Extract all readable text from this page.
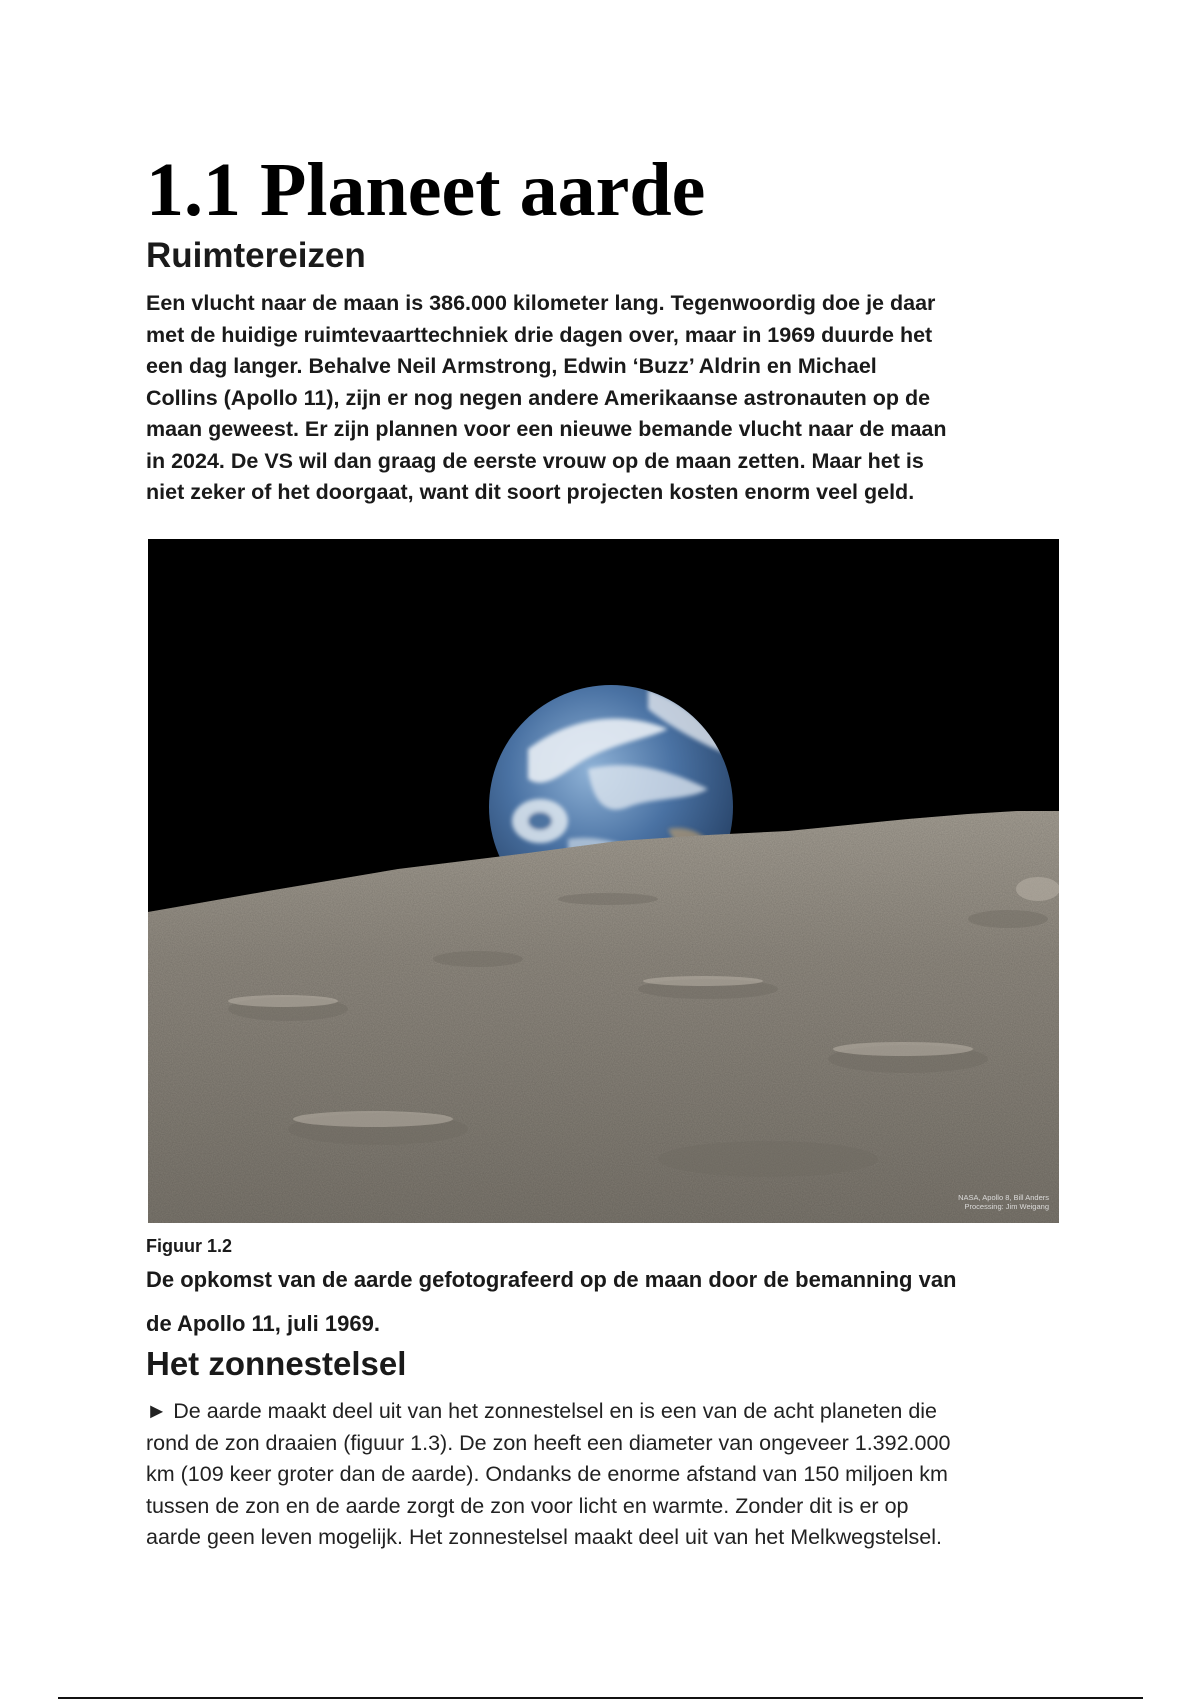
1.1 Planeet aarde
Ruimtereizen

Een vlucht naar de maan is 386.000 kilometer lang. Tegenwoordig doe je daar
met de huidige ruimtevaarttechniek drie dagen over, maar in 1969 duurde het
een dag langer. Behalve Neil Armstrong, Edwin ‘Buzz’ Aldrin en Michael
Collins (Apollo 11), zijn er nog negen andere Amerikaanse astronauten op de
maan geweest. Er zijn plannen voor een nieuwe bemande vlucht naar de maan
in 2024. De VS wil dan graag de eerste vrouw op de maan zetten. Maar het is
niet zeker of het doorgaat, want dit soort projecten kosten enorm veel geld.

NASA, Apollo 8, Bill Anders
Processing: Jim Weigang

Figuur 1.2

De opkomst van de aarde gefotografeerd op de maan door de bemanning van
de Apollo 11, juli 1969.

Het zonnestelsel

► De aarde maakt deel uit van het zonnestelsel en is een van de acht planeten die
rond de zon draaien (figuur 1.3). De zon heeft een diameter van ongeveer 1.392.000
km (109 keer groter dan de aarde). Ondanks de enorme afstand van 150 miljoen km
tussen de zon en de aarde zorgt de zon voor licht en warmte. Zonder dit is er op
aarde geen leven mogelijk. Het zonnestelsel maakt deel uit van het Melkwegstelsel.
